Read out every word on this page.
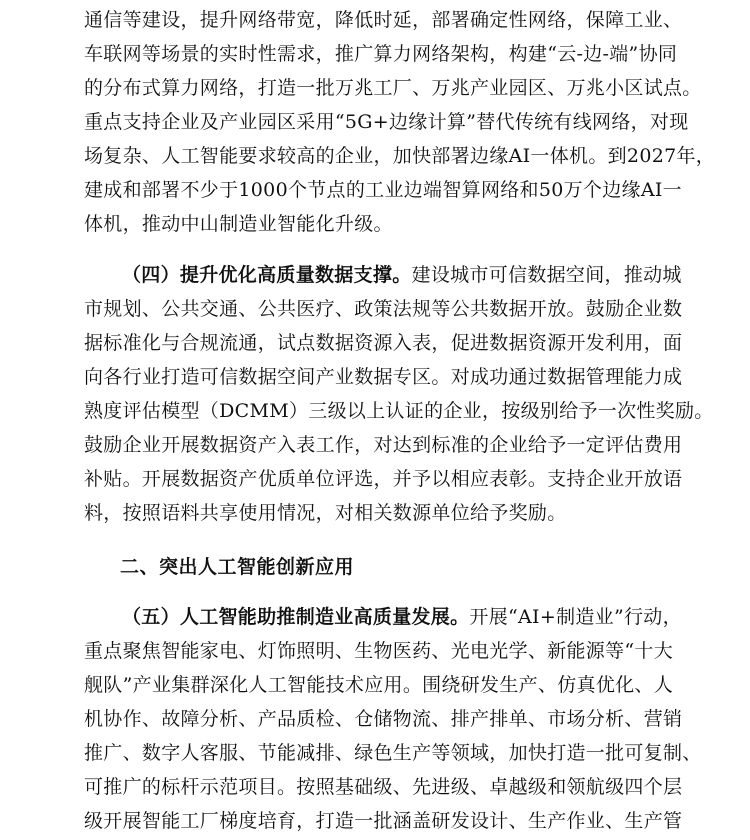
通信等建设，提升网络带宽，降低时延，部署确定性网络，保障工业、
车联网等场景的实时性需求，推广算力网络架构，构建“云-边-端”协同
的分布式算力网络，打造一批万兆工厂、万兆产业园区、万兆小区试点。
重点支持企业及产业园区采用“5G+边缘计算”替代传统有线网络，对现
场复杂、人工智能要求较高的企业，加快部署边缘AI一体机。到2027年，
建成和部署不少于1000个节点的工业边端智算网络和50万个边缘AI一
体机，推动中山制造业智能化升级。
（四）提升优化高质量数据支撑。建设城市可信数据空间，推动城
市规划、公共交通、公共医疗、政策法规等公共数据开放。鼓励企业数
据标准化与合规流通，试点数据资源入表，促进数据资源开发利用，面
向各行业打造可信数据空间产业数据专区。对成功通过数据管理能力成
熟度评估模型（DCMM）三级以上认证的企业，按级别给予一次性奖励。
鼓励企业开展数据资产入表工作，对达到标准的企业给予一定评估费用
补贴。开展数据资产优质单位评选，并予以相应表彰。支持企业开放语
料，按照语料共享使用情况，对相关数源单位给予奖励。
二、突出人工智能创新应用
（五）人工智能助推制造业高质量发展。开展“AI+制造业”行动，
重点聚焦智能家电、灯饰照明、生物医药、光电光学、新能源等“十大
舰队”产业集群深化人工智能技术应用。围绕研发生产、仿真优化、人
机协作、故障分析、产品质检、仓储物流、排产排单、市场分析、营销
推广、数字人客服、节能减排、绿色生产等领域，加快打造一批可复制、
可推广的标杆示范项目。按照基础级、先进级、卓越级和领航级四个层
级开展智能工厂梯度培育，打造一批涵盖研发设计、生产作业、生产管
